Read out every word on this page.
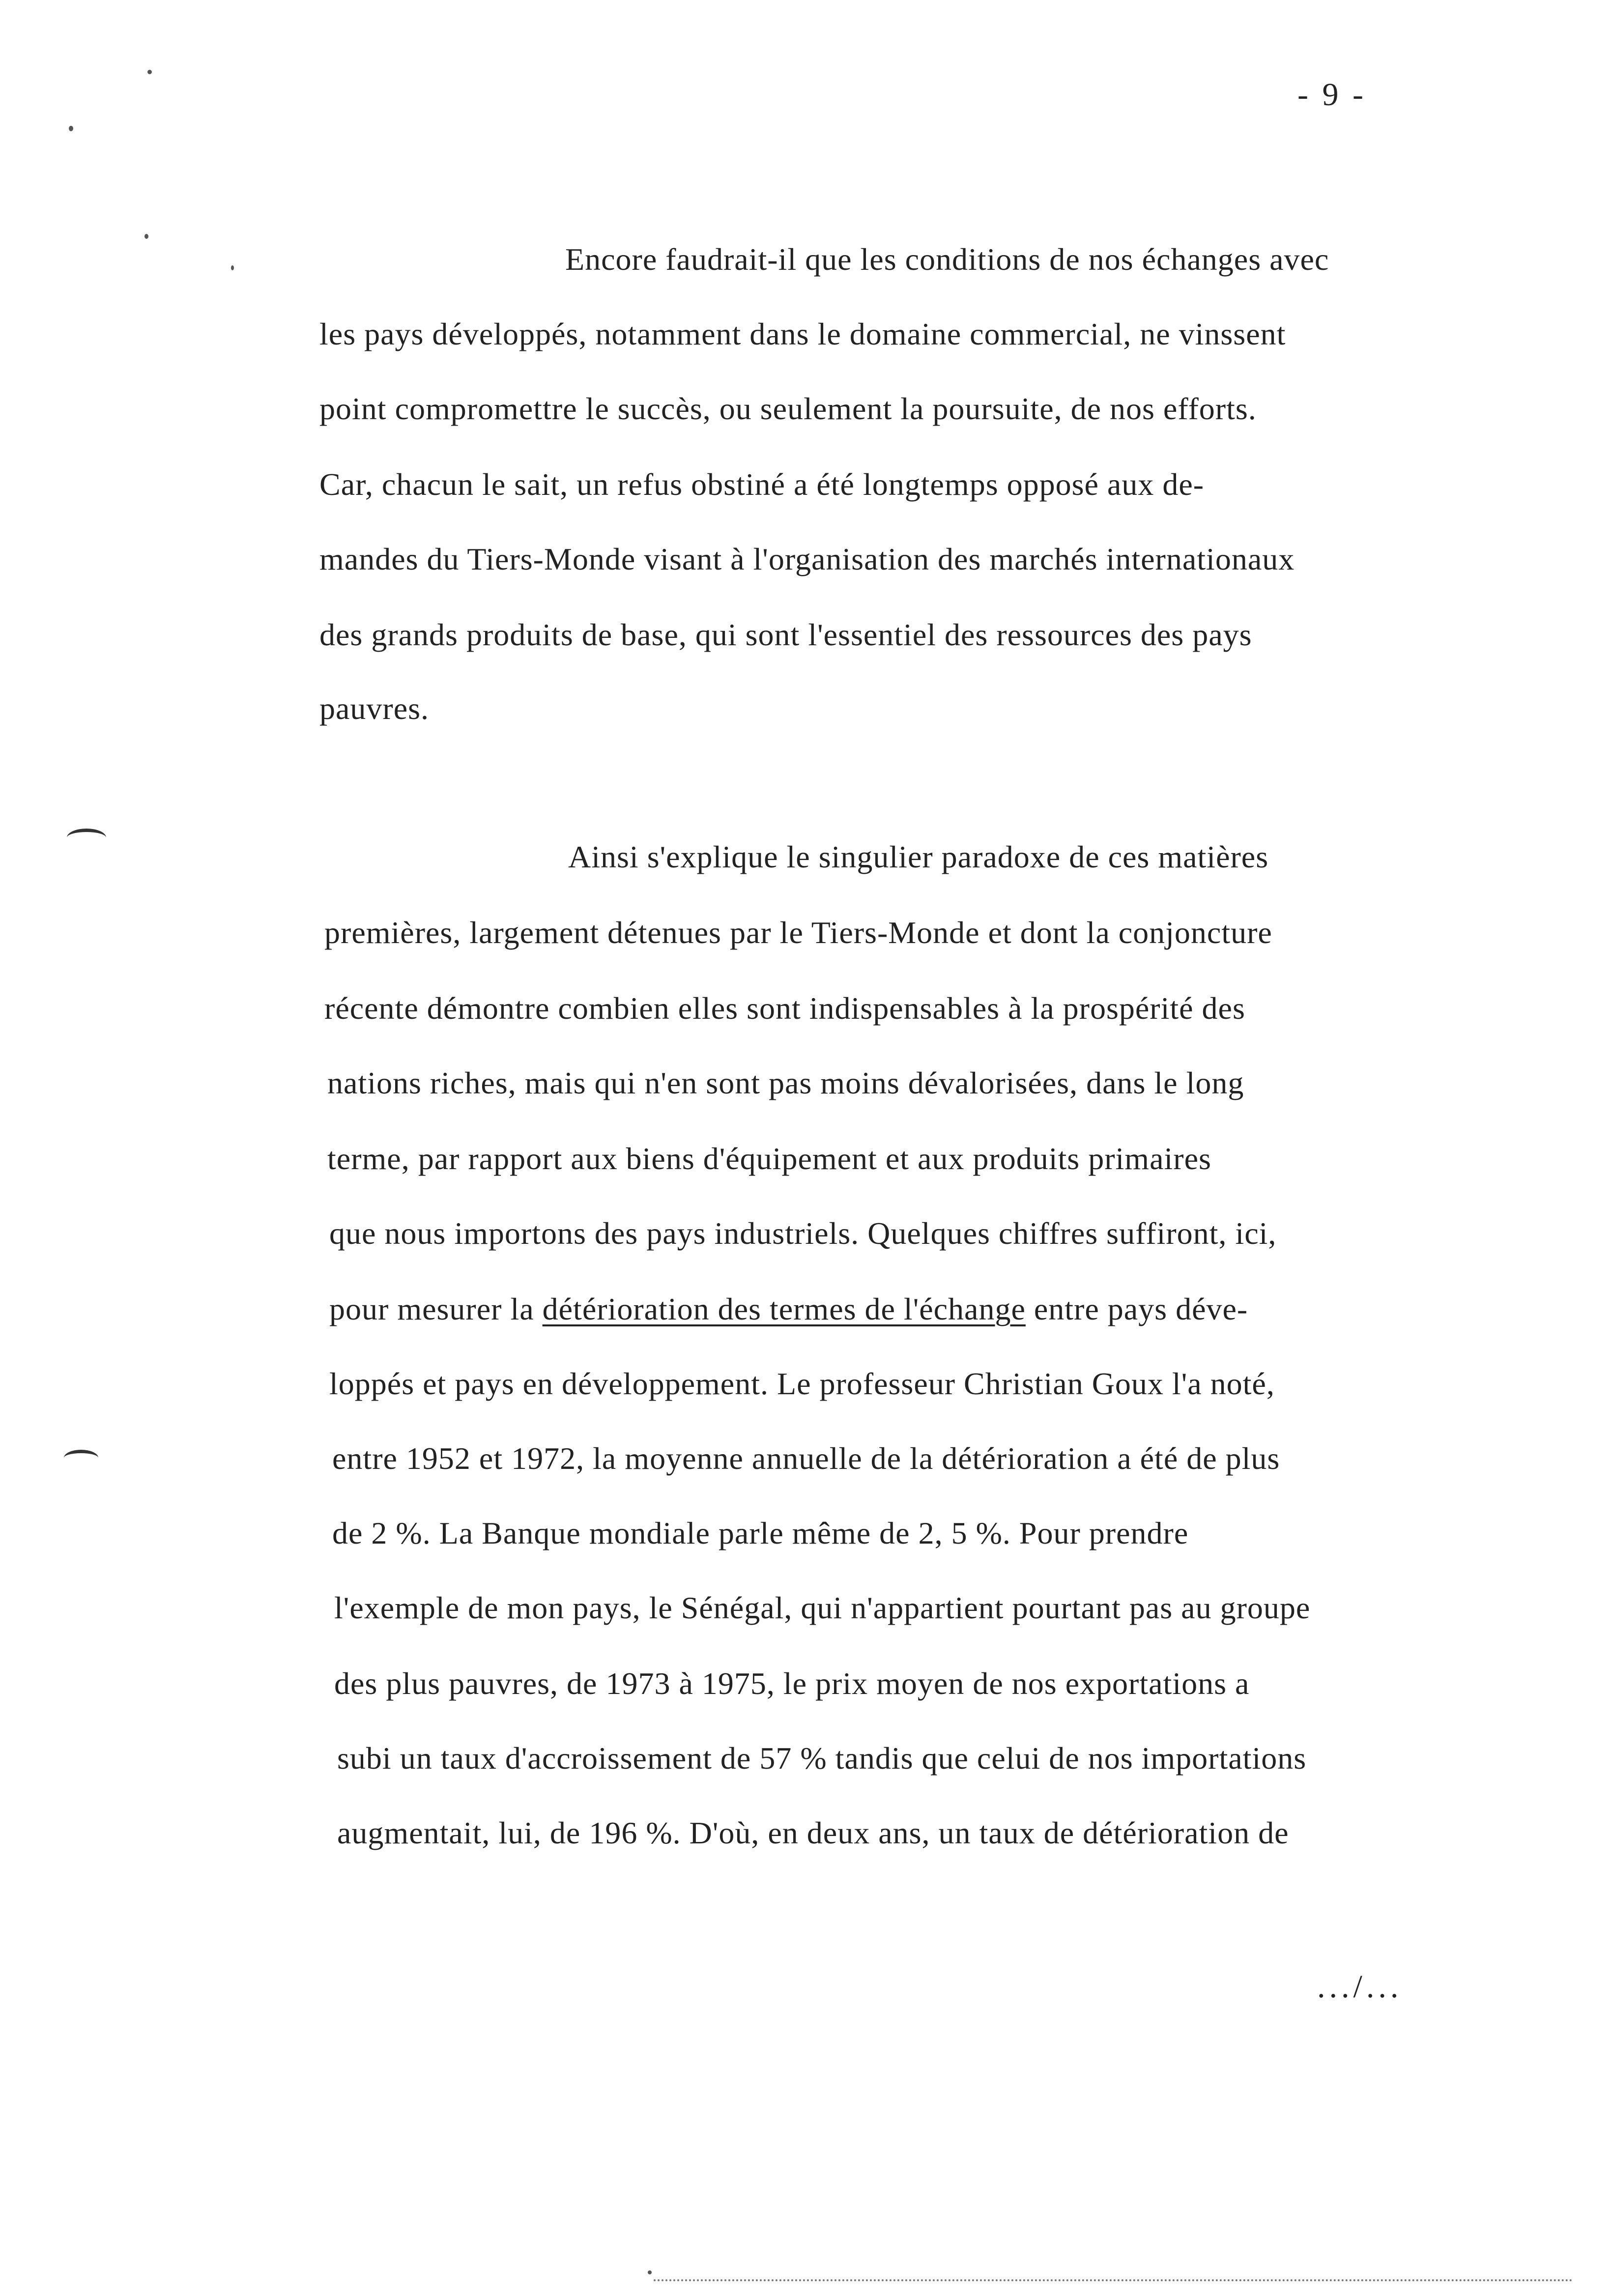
- 9 -
Encore faudrait-il que les conditions de nos échanges avec
les pays développés, notamment dans le domaine commercial, ne vinssent
point compromettre le succès, ou seulement la poursuite, de nos efforts.
Car, chacun le sait, un refus obstiné a été longtemps opposé aux de-
mandes du Tiers-Monde visant à l'organisation des marchés internationaux
des grands produits de base, qui sont l'essentiel des ressources des pays
pauvres.
Ainsi s'explique le singulier paradoxe de ces matières
premières, largement détenues par le Tiers-Monde et dont la conjoncture
récente démontre combien elles sont indispensables à la prospérité des
nations riches, mais qui n'en sont pas moins dévalorisées, dans le long
terme, par rapport aux biens d'équipement et aux produits primaires
que nous importons des pays industriels. Quelques chiffres suffiront, ici,
pour mesurer la détérioration des termes de l'échange entre pays déve-
loppés et pays en développement. Le professeur Christian Goux l'a noté,
entre 1952 et 1972, la moyenne annuelle de la détérioration a été de plus
de 2 %. La Banque mondiale parle même de 2, 5 %. Pour prendre
l'exemple de mon pays, le Sénégal, qui n'appartient pourtant pas au groupe
des plus pauvres, de 1973 à 1975, le prix moyen de nos exportations a
subi un taux d'accroissement de 57 % tandis que celui de nos importations
augmentait, lui, de 196 %. D'où, en deux ans, un taux de détérioration de
.../...
